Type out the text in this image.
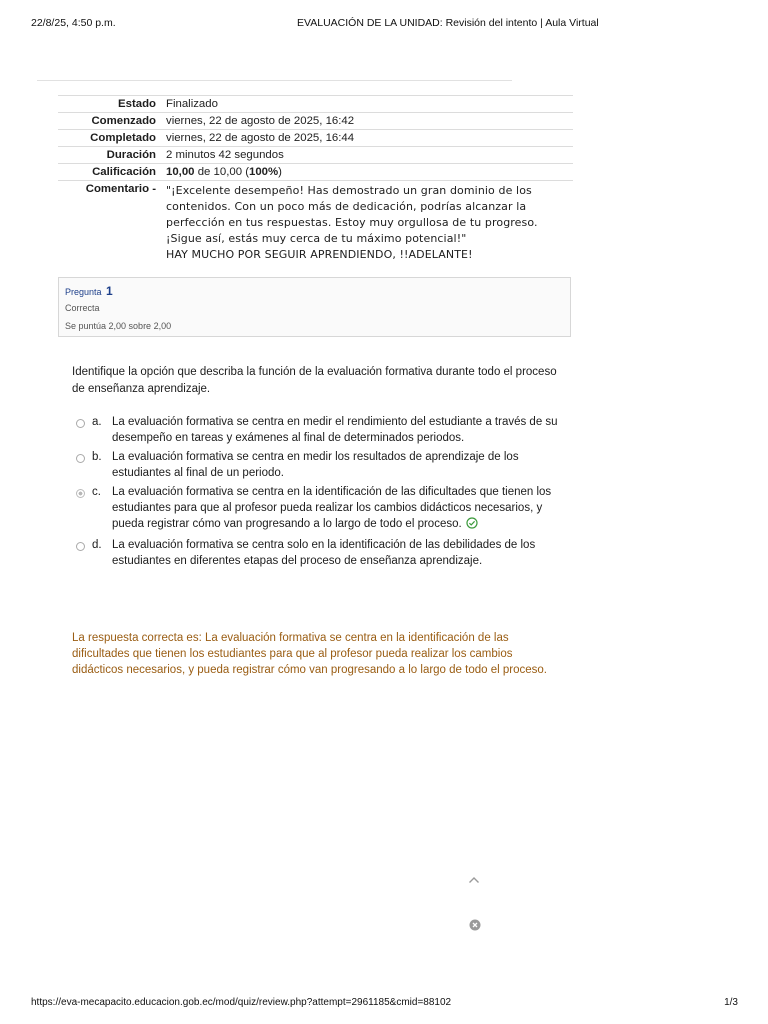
22/8/25, 4:50 p.m.	EVALUACIÓN DE LA UNIDAD: Revisión del intento | Aula Virtual
Estado Finalizado
Comenzado viernes, 22 de agosto de 2025, 16:42
Completado viernes, 22 de agosto de 2025, 16:44
Duración 2 minutos 42 segundos
Calificación 10,00 de 10,00 (100%)
Comentario - "¡Excelente desempeño! Has demostrado un gran dominio de los
contenidos. Con un poco más de dedicación, podrías alcanzar la
perfección en tus respuestas. Estoy muy orgullosa de tu progreso.
¡Sigue así, estás muy cerca de tu máximo potencial!"
HAY MUCHO POR SEGUIR APRENDIENDO, !!ADELANTE!
Pregunta 1
Correcta
Se puntúa 2,00 sobre 2,00
Identifique la opción que describa la función de la evaluación formativa durante todo el proceso de enseñanza aprendizaje.
a. La evaluación formativa se centra en medir el rendimiento del estudiante a través de su desempeño en tareas y exámenes al final de determinados periodos.
b. La evaluación formativa se centra en medir los resultados de aprendizaje de los estudiantes al final de un periodo.
c. La evaluación formativa se centra en la identificación de las dificultades que tienen los estudiantes para que al profesor pueda realizar los cambios didácticos necesarios, y pueda registrar cómo van progresando a lo largo de todo el proceso.
d. La evaluación formativa se centra solo en la identificación de las debilidades de los estudiantes en diferentes etapas del proceso de enseñanza aprendizaje.
La respuesta correcta es: La evaluación formativa se centra en la identificación de las dificultades que tienen los estudiantes para que al profesor pueda realizar los cambios didácticos necesarios, y pueda registrar cómo van progresando a lo largo de todo el proceso.
https://eva-mecapacito.educacion.gob.ec/mod/quiz/review.php?attempt=2961185&cmid=88102	1/3
